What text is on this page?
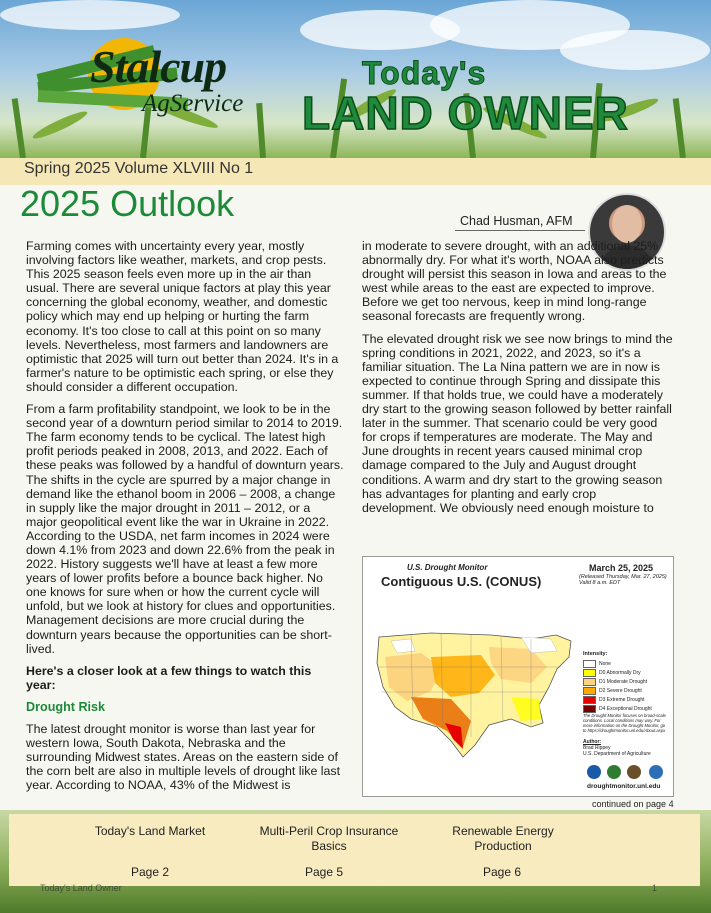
Stalcup
AgService
Today's
LAND OWNER
Spring 2025 Volume XLVIII No 1
2025 Outlook	Chad Husman, AFM

Farming comes with uncertainty every year, mostly involving factors like weather, markets, and crop pests. This 2025 season feels even more up in the air than usual. There are several unique factors at play this year concerning the global economy, weather, and domestic policy which may end up helping or hurting the farm economy. It's too close to call at this point on so many levels. Nevertheless, most farmers and landowners are optimistic that 2025 will turn out better than 2024. It's in a farmer's nature to be optimistic each spring, or else they should consider a different occupation.

From a farm profitability standpoint, we look to be in the second year of a downturn period similar to 2014 to 2019. The farm economy tends to be cyclical. The latest high profit periods peaked in 2008, 2013, and 2022. Each of these peaks was followed by a handful of downturn years. The shifts in the cycle are spurred by a major change in demand like the ethanol boom in 2006 – 2008, a change in supply like the major drought in 2011 – 2012, or a major geopolitical event like the war in Ukraine in 2022. According to the USDA, net farm incomes in 2024 were down 4.1% from 2023 and down 22.6% from the peak in 2022. History suggests we'll have at least a few more years of lower profits before a bounce back higher. No one knows for sure when or how the current cycle will unfold, but we look at history for clues and opportunities. Management decisions are more crucial during the downturn years because the opportunities can be short-lived.

Here's a closer look at a few things to watch this year:

Drought Risk

The latest drought monitor is worse than last year for western Iowa, South Dakota, Nebraska and the surrounding Midwest states. Areas on the eastern side of the corn belt are also in multiple levels of drought like last year. According to NOAA, 43% of the Midwest is

in moderate to severe drought, with an additional 25% abnormally dry. For what it's worth, NOAA also predicts drought will persist this season in Iowa and areas to the west while areas to the east are expected to improve. Before we get too nervous, keep in mind long-range seasonal forecasts are frequently wrong.

The elevated drought risk we see now brings to mind the spring conditions in 2021, 2022, and 2023, so it's a familiar situation. The La Nina pattern we are in now is expected to continue through Spring and dissipate this summer. If that holds true, we could have a moderately dry start to the growing season followed by better rainfall later in the summer. That scenario could be very good for crops if temperatures are moderate. The May and June droughts in recent years caused minimal crop damage compared to the July and August drought conditions. A warm and dry start to the growing season has advantages for planting and early crop development. We obviously need enough moisture to

U.S. Drought Monitor
Contiguous U.S. (CONUS)
March 25, 2025
(Released Thursday, Mar. 27, 2025)
Valid 8 a.m. EDT
Intensity:
None
D0 Abnormally Dry
D1 Moderate Drought
D2 Severe Drought
D3 Extreme Drought
D4 Exceptional Drought
The Drought Monitor focuses on broad-scale conditions. Local conditions may vary. For more information on the Drought Monitor, go to https://droughtmonitor.unl.edu/About.aspx
Author:
Brad Rippey
U.S. Department of Agriculture
droughtmonitor.unl.edu
continued on page 4
Today's Land Market
Page 2
Multi-Peril Crop Insurance Basics
Page 5
Renewable Energy Production
Page 6
Today's Land Owner	1
